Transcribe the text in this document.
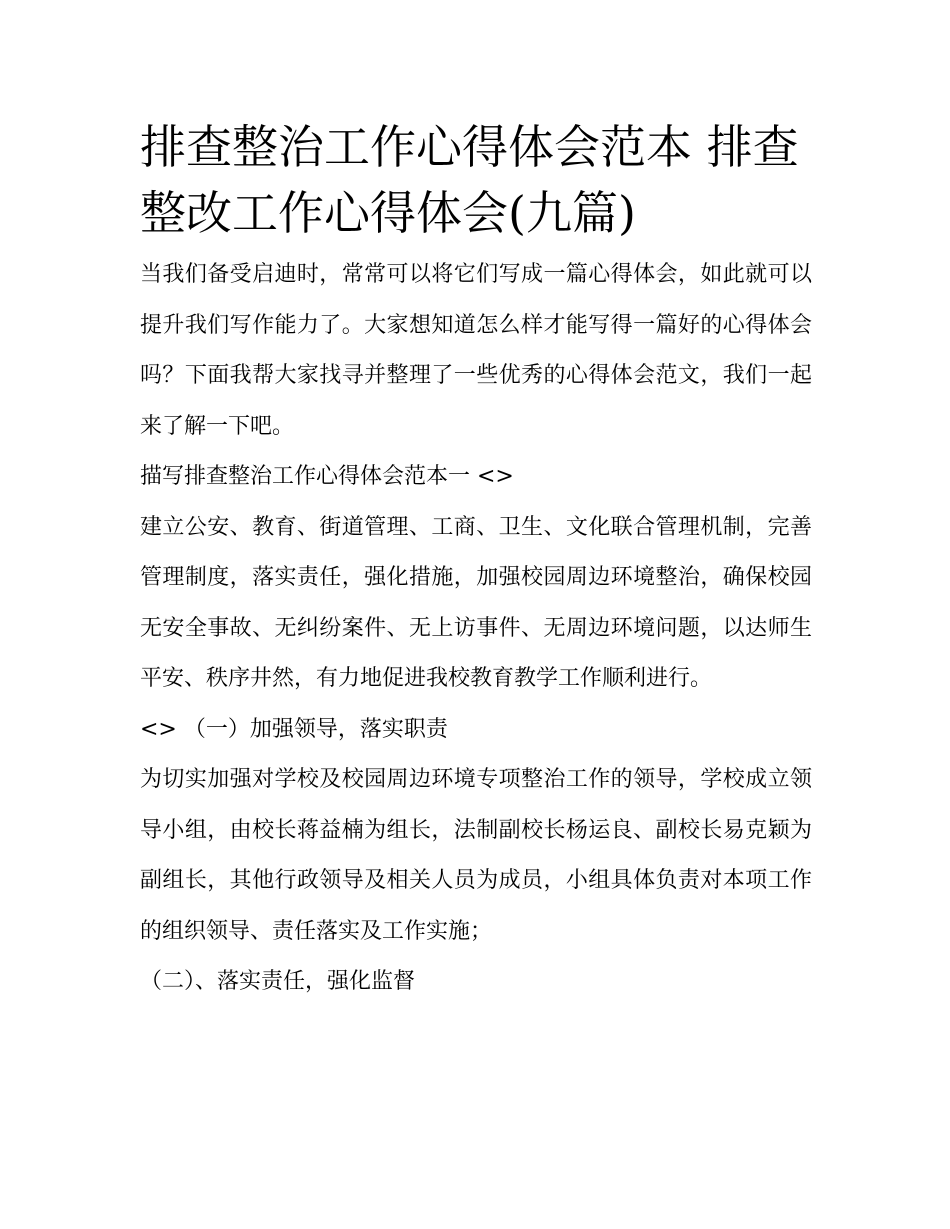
排查整治工作心得体会范本 排查整改工作心得体会(九篇)

当我们备受启迪时，常常可以将它们写成一篇心得体会，如此就可以提升我们写作能力了。大家想知道怎么样才能写得一篇好的心得体会吗？下面我帮大家找寻并整理了一些优秀的心得体会范文，我们一起来了解一下吧。

描写排查整治工作心得体会范本一 <>

建立公安、教育、街道管理、工商、卫生、文化联合管理机制，完善管理制度，落实责任，强化措施，加强校园周边环境整治，确保校园无安全事故、无纠纷案件、无上访事件、无周边环境问题，以达师生平安、秩序井然，有力地促进我校教育教学工作顺利进行。

<> （一）加强领导，落实职责

为切实加强对学校及校园周边环境专项整治工作的领导，学校成立领导小组，由校长蒋益楠为组长，法制副校长杨运良、副校长易克颖为副组长，其他行政领导及相关人员为成员，小组具体负责对本项工作的组织领导、责任落实及工作实施；

（二）、落实责任，强化监督
